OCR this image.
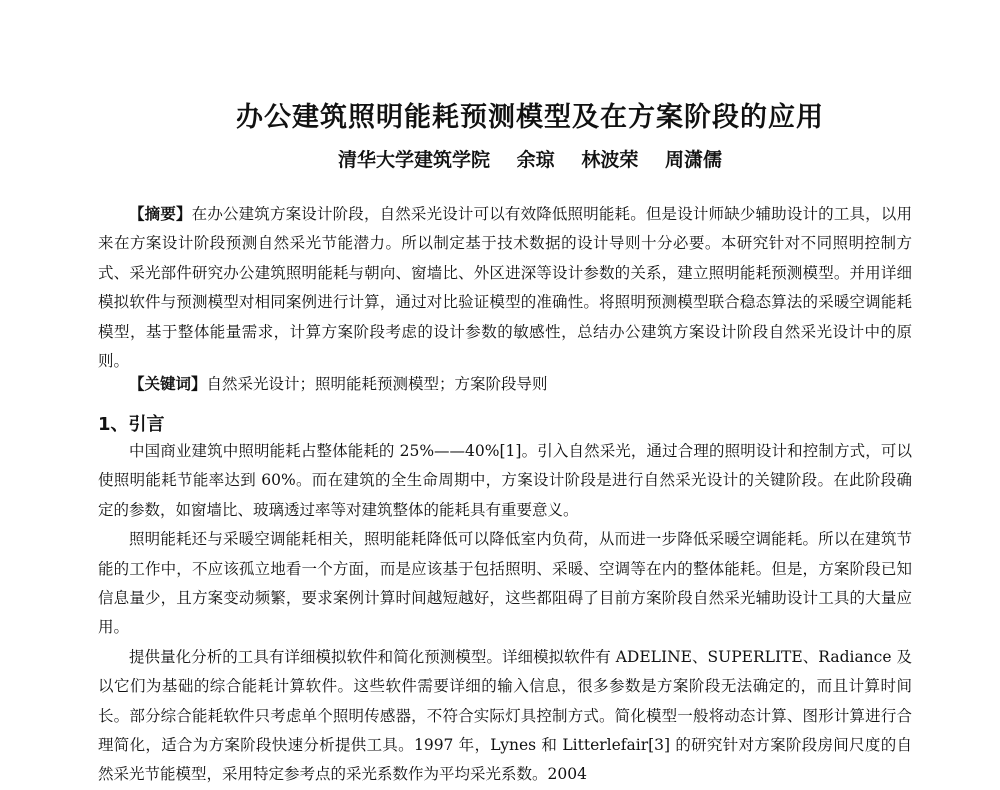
办公建筑照明能耗预测模型及在方案阶段的应用
清华大学建筑学院 余琼 林波荣 周潇儒

【摘要】在办公建筑方案设计阶段，自然采光设计可以有效降低照明能耗。但是设计师缺少辅助设计的工具，以用来在方案设计阶段预测自然采光节能潜力。所以制定基于技术数据的设计导则十分必要。本研究针对不同照明控制方式、采光部件研究办公建筑照明能耗与朝向、窗墙比、外区进深等设计参数的关系，建立照明能耗预测模型。并用详细模拟软件与预测模型对相同案例进行计算，通过对比验证模型的准确性。将照明预测模型联合稳态算法的采暖空调能耗模型，基于整体能量需求，计算方案阶段考虑的设计参数的敏感性，总结办公建筑方案设计阶段自然采光设计中的原则。

【关键词】自然采光设计；照明能耗预测模型；方案阶段导则

1、引言

中国商业建筑中照明能耗占整体能耗的 25%——40%[1]。引入自然采光，通过合理的照明设计和控制方式，可以使照明能耗节能率达到 60%。而在建筑的全生命周期中，方案设计阶段是进行自然采光设计的关键阶段。在此阶段确定的参数，如窗墙比、玻璃透过率等对建筑整体的能耗具有重要意义。

照明能耗还与采暖空调能耗相关，照明能耗降低可以降低室内负荷，从而进一步降低采暖空调能耗。所以在建筑节能的工作中，不应该孤立地看一个方面，而是应该基于包括照明、采暖、空调等在内的整体能耗。但是，方案阶段已知信息量少，且方案变动频繁，要求案例计算时间越短越好，这些都阻碍了目前方案阶段自然采光辅助设计工具的大量应用。

提供量化分析的工具有详细模拟软件和简化预测模型。详细模拟软件有 ADELINE、SUPERLITE、Radiance 及以它们为基础的综合能耗计算软件。这些软件需要详细的输入信息，很多参数是方案阶段无法确定的，而且计算时间长。部分综合能耗软件只考虑单个照明传感器，不符合实际灯具控制方式。简化模型一般将动态计算、图形计算进行合理简化，适合为方案阶段快速分析提供工具。1997 年，Lynes 和 Litterlefair[3] 的研究针对方案阶段房间尺度的自然采光节能模型，采用特定参考点的采光系数作为平均采光系数。2004
